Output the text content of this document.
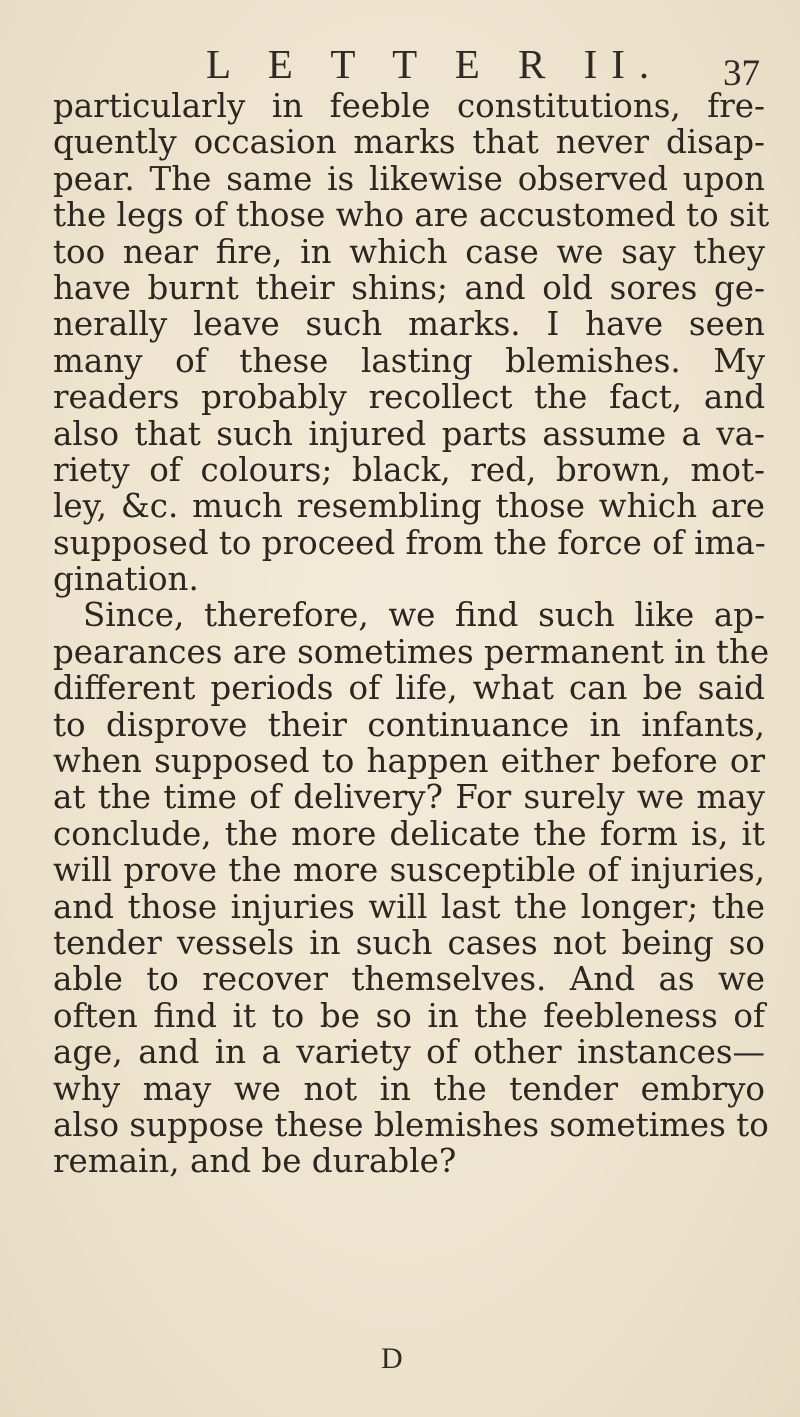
L E T T E R II. 37
particularly in feeble constitutions, fre-
quently occasion marks that never disap-
pear. The same is likewise observed upon
the legs of those who are accustomed to sit
too near fire, in which case we say they
have burnt their shins; and old sores ge-
nerally leave such marks. I have seen
many of these lasting blemishes. My
readers probably recollect the fact, and
also that such injured parts assume a va-
riety of colours; black, red, brown, mot-
ley, &c. much resembling those which are
supposed to proceed from the force of ima-
gination.
Since, therefore, we find such like ap-
pearances are sometimes permanent in the
different periods of life, what can be said
to disprove their continuance in infants,
when supposed to happen either before or
at the time of delivery? For surely we may
conclude, the more delicate the form is, it
will prove the more susceptible of injuries,
and those injuries will last the longer; the
tender vessels in such cases not being so
able to recover themselves. And as we
often find it to be so in the feebleness of
age, and in a variety of other instances—
why may we not in the tender embryo
also suppose these blemishes sometimes to
remain, and be durable?
D
